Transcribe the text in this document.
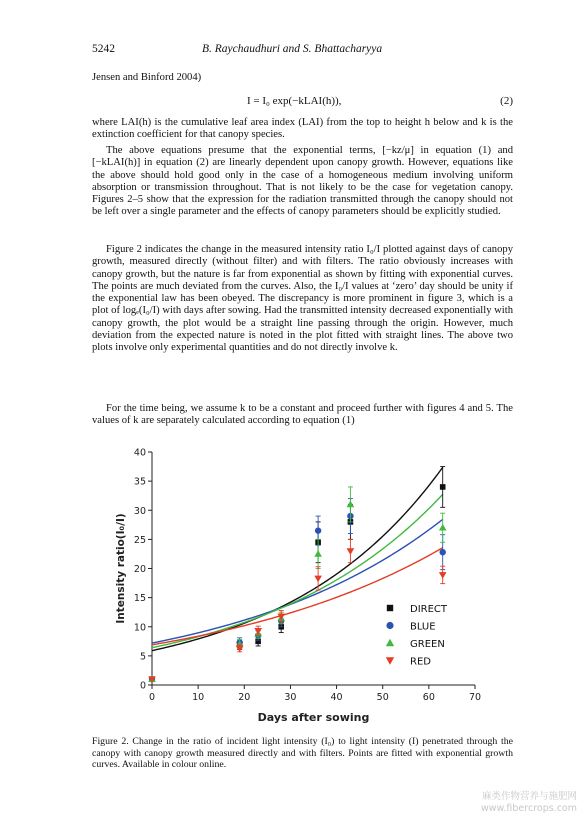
5242	B. Raychaudhuri and S. Bhattacharyya
Jensen and Binford 2004)
I = I₀ exp(−kLAI(h)),	(2)
where LAI(h) is the cumulative leaf area index (LAI) from the top to height h below and k is the extinction coefficient for that canopy species.
The above equations presume that the exponential terms, [−kz/μ] in equation (1) and [−kLAI(h)] in equation (2) are linearly dependent upon canopy growth. However, equations like the above should hold good only in the case of a homogeneous medium involving uniform absorption or transmission throughout. That is not likely to be the case for vegetation canopy. Figures 2–5 show that the expression for the radiation transmitted through the canopy should not be left over a single parameter and the effects of canopy parameters should be explicitly studied.
Figure 2 indicates the change in the measured intensity ratio I₀/I plotted against days of canopy growth, measured directly (without filter) and with filters. The ratio obviously increases with canopy growth, but the nature is far from exponential as shown by fitting with exponential curves. The points are much deviated from the curves. Also, the I₀/I values at ‘zero’ day should be unity if the exponential law has been obeyed. The discrepancy is more prominent in figure 3, which is a plot of logₑ(I₀/I) with days after sowing. Had the transmitted intensity decreased exponentially with canopy growth, the plot would be a straight line passing through the origin. However, much deviation from the expected nature is noted in the plot fitted with straight lines. The above two plots involve only experimental quantities and do not directly involve k.
For the time being, we assume k to be a constant and proceed further with figures 4 and 5. The values of k are separately calculated according to equation (1)
0	10	20	30	40	50	60	70
0
5
10
15
20
25
30
35
40
Days after sowing
Intensity ratio(I₀/I)	DIRECT
BLUE
GREEN
RED
Figure 2. Change in the ratio of incident light intensity (I₀) to light intensity (I) penetrated through the canopy with canopy growth measured directly and with filters. Points are fitted with exponential growth curves. Available in colour online.
麻类作物营养与施肥网
www.fibercrops.com
